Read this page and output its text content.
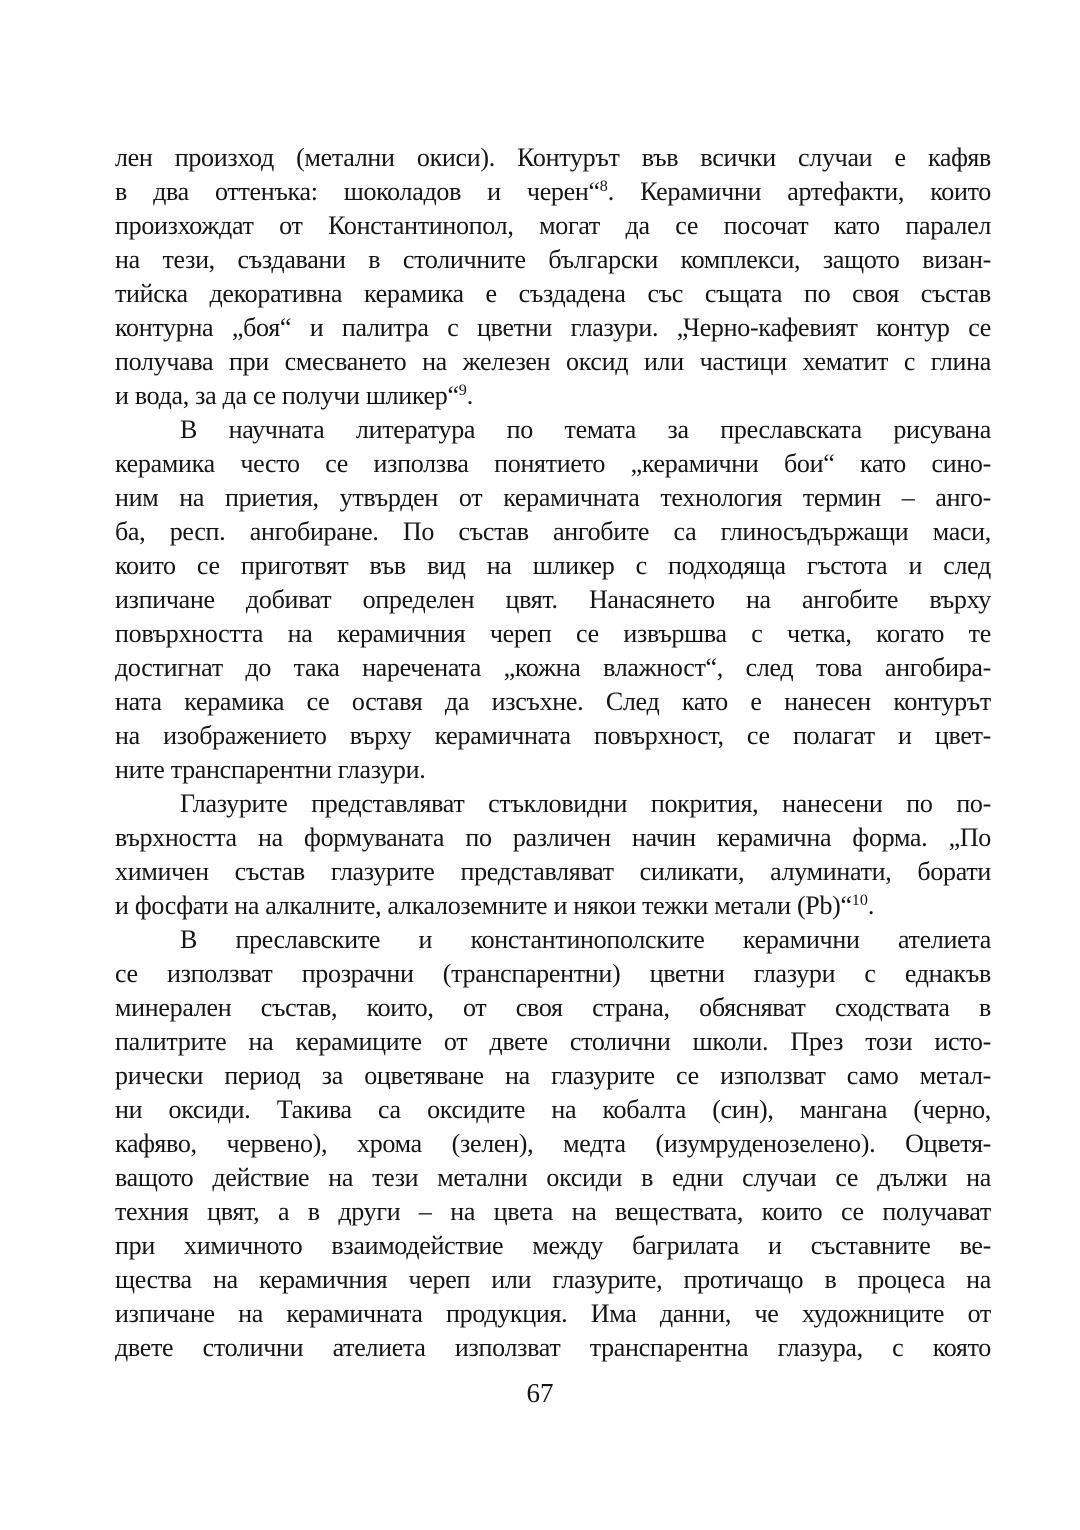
лен произход (метални окиси). Контурът във всички случаи е кафяв
в два оттенъка: шоколадов и черен“$^8$. Керамични артефакти, които
произхождат от Константинопол, могат да се посочат като паралел
на тези, създавани в столичните български комплекси, защото визан-
тийска декоративна керамика е създадена със същата по своя състав
контурна „боя“ и палитра с цветни глазури. „Черно-кафевият контур се
получава при смесването на железен оксид или частици хематит с глина
и вода, за да се получи шликер“$^9$.
В научната литература по темата за преславската рисувана
керамика често се използва понятието „керамични бои“ като сино-
ним на приетия, утвърден от керамичната технология термин – анго-
ба, респ. ангобиране. По състав ангобите са глиносъдържащи маси,
които се приготвят във вид на шликер с подходяща гъстота и след
изпичане добиват определен цвят. Нанасянето на ангобите върху
повърхността на керамичния череп се извършва с четка, когато те
достигнат до така наречената „кожна влажност“, след това ангобира-
ната керамика се оставя да изсъхне. След като е нанесен контурът
на изображението върху керамичната повърхност, се полагат и цвет-
ните транспарентни глазури.
Глазурите представляват стъкловидни покрития, нанесени по по-
върхността на формуваната по различен начин керамична форма. „По
химичен състав глазурите представляват силикати, алуминати, борати
и фосфати на алкалните, алкалоземните и някои тежки метали (Pb)“$^{10}$.
В преславските и константинополските керамични ателиета
се използват прозрачни (транспарентни) цветни глазури с еднакъв
минерален състав, които, от своя страна, обясняват сходствата в
палитрите на керамиците от двете столични школи. През този исто-
рически период за оцветяване на глазурите се използват само метал-
ни оксиди. Такива са оксидите на кобалта (син), мангана (черно,
кафяво, червено), хрома (зелен), медта (изумруденозелено). Оцветя-
ващото действие на тези метални оксиди в едни случаи се дължи на
техния цвят, а в други – на цвета на веществата, които се получават
при химичното взаимодействие между багрилата и съставните ве-
щества на керамичния череп или глазурите, протичащо в процеса на
изпичане на керамичната продукция. Има данни, че художниците от
двете столични ателиета използват транспарентна глазура, с която
67
